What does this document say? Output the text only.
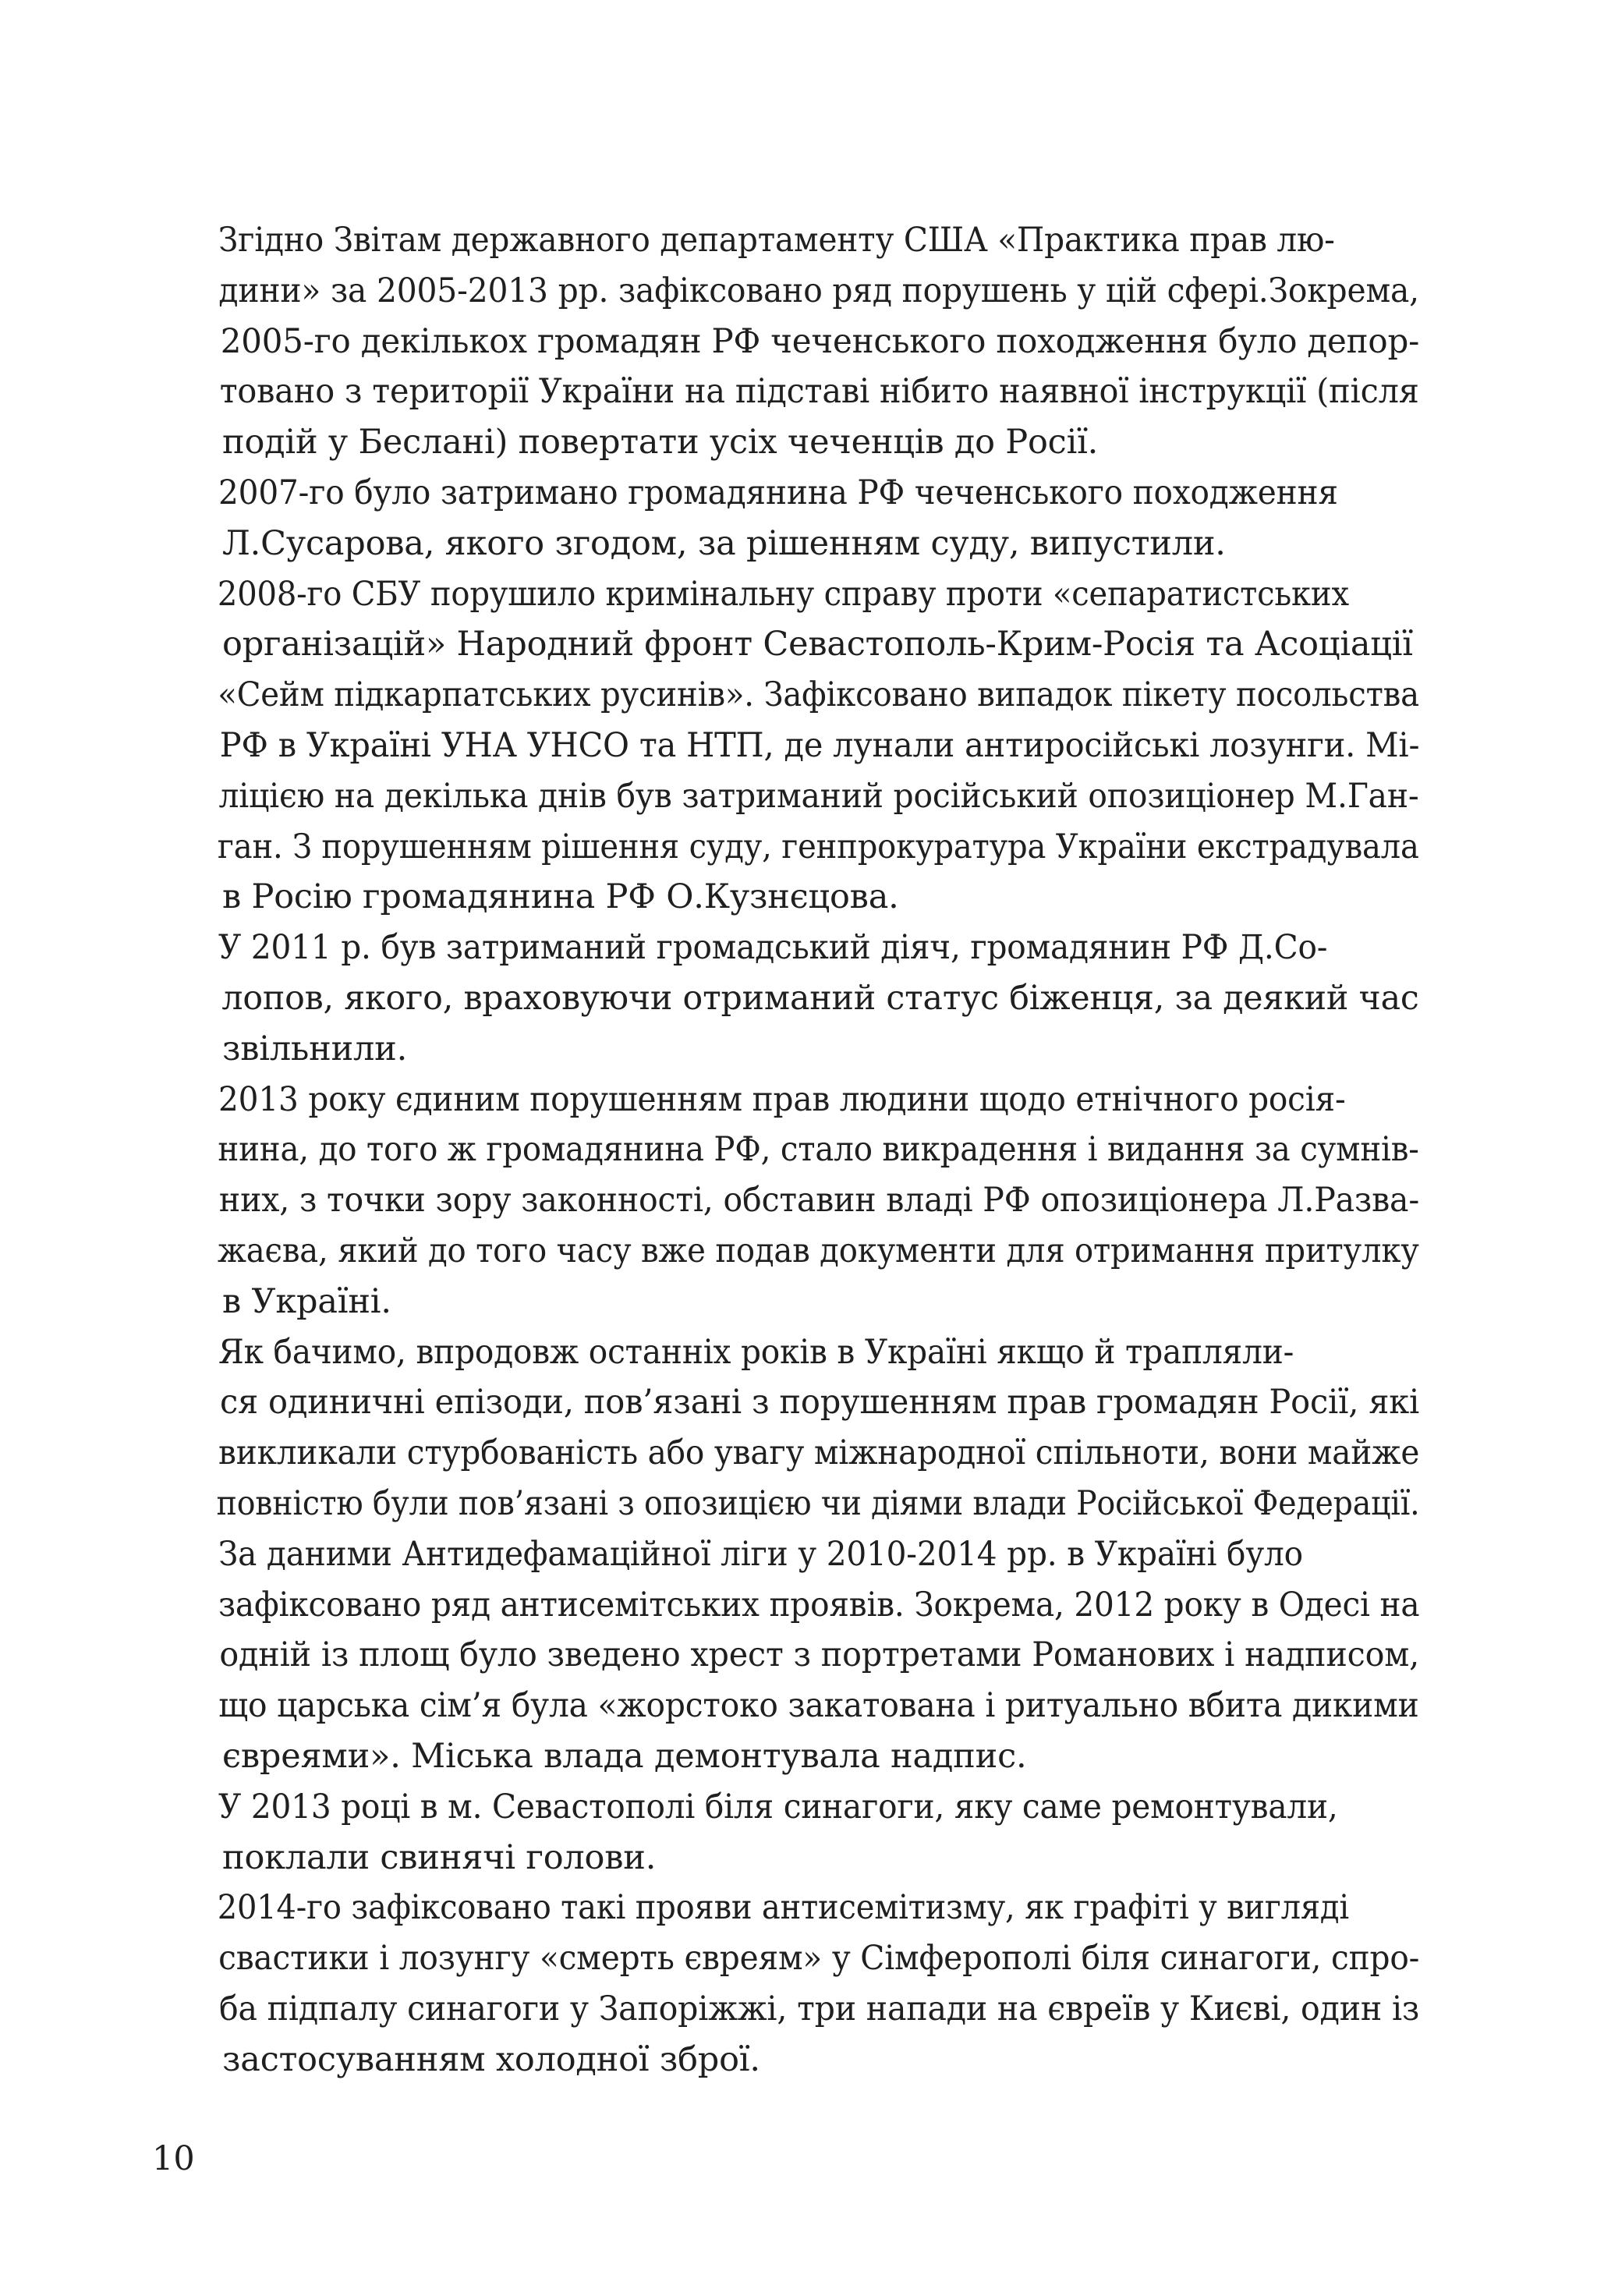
Згідно Звітам державного департаменту США «Практика прав лю-
дини» за 2005-2013 рр. зафіксовано ряд порушень у цій сфері.Зокрема,
2005-го декількох громадян РФ чеченського походження було депор-
товано з території України на підставі нібито наявної інструкції (після
подій у Беслані) повертати усіх чеченців до Росії.

2007-го було затримано громадянина РФ чеченського походження
Л.Сусарова, якого згодом, за рішенням суду, випустили.

2008-го СБУ порушило кримінальну справу проти «сепаратистських
організацій» Народний фронт Севастополь-Крим-Росія та Асоціації
«Сейм підкарпатських русинів». Зафіксовано випадок пікету посольства
РФ в Україні УНА УНСО та НТП, де лунали антиросійські лозунги. Мі-
ліцією на декілька днів був затриманий російський опозиціонер М.Ган-
ган. З порушенням рішення суду, генпрокуратура України екстрадувала
в Росію громадянина РФ О.Кузнєцова.

У 2011 р. був затриманий громадський діяч, громадянин РФ Д.Со-
лопов, якого, враховуючи отриманий статус біженця, за деякий час
звільнили.

2013 року єдиним порушенням прав людини щодо етнічного росія-
нина, до того ж громадянина РФ, стало викрадення і видання за сумнів-
них, з точки зору законності, обставин владі РФ опозиціонера Л.Разва-
жаєва, який до того часу вже подав документи для отримання притулку
в Україні.

Як бачимо, впродовж останніх років в Україні якщо й трапляли-
ся одиничні епізоди, пов’язані з порушенням прав громадян Росії, які
викликали стурбованість або увагу міжнародної спільноти, вони майже
повністю були пов’язані з опозицією чи діями влади Російської Федерації.

За даними Антидефамаційної ліги у 2010-2014 рр. в Україні було
зафіксовано ряд антисемітських проявів. Зокрема, 2012 року в Одесі на
одній із площ було зведено хрест з портретами Романових і надписом,
що царська сім’я була «жорстоко закатована і ритуально вбита дикими
євреями». Міська влада демонтувала надпис.

У 2013 році в м. Севастополі біля синагоги, яку саме ремонтували,
поклали свинячі голови.

2014-го зафіксовано такі прояви антисемітизму, як графіті у вигляді
свастики і лозунгу «смерть євреям» у Сімферополі біля синагоги, спро-
ба підпалу синагоги у Запоріжжі, три напади на євреїв у Києві, один із
застосуванням холодної зброї.

10
